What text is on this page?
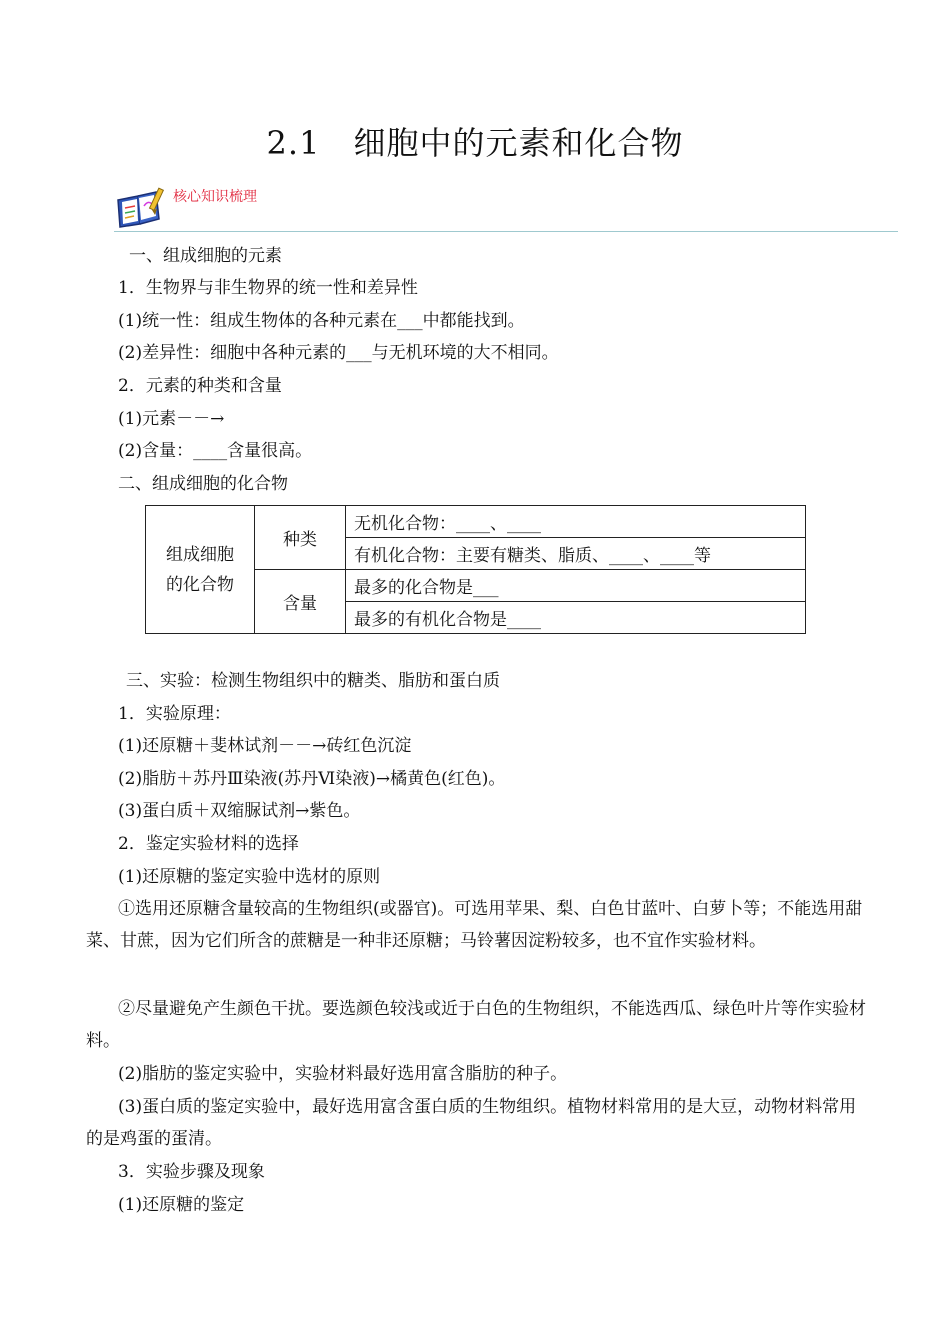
2.1　细胞中的元素和化合物
核心知识梳理
一、组成细胞的元素
1．生物界与非生物界的统一性和差异性
(1)统一性：组成生物体的各种元素在___中都能找到。
(2)差异性：细胞中各种元素的___与无机环境的大不相同。
2．元素的种类和含量
(1)元素－－→
(2)含量：____含量很高。
二、组成细胞的化合物
组成细胞
的化合物	种类	无机化合物：____、____
		有机化合物：主要有糖类、脂质、____、____等
	含量	最多的化合物是___
		最多的有机化合物是____
三、实验：检测生物组织中的糖类、脂肪和蛋白质
1．实验原理：
(1)还原糖＋斐林试剂－－→砖红色沉淀
(2)脂肪＋苏丹Ⅲ染液(苏丹Ⅵ染液)→橘黄色(红色)。
(3)蛋白质＋双缩脲试剂→紫色。
2．鉴定实验材料的选择
(1)还原糖的鉴定实验中选材的原则
①选用还原糖含量较高的生物组织(或器官)。可选用苹果、梨、白色甘蓝叶、白萝卜等；不能选用甜菜、甘蔗，因为它们所含的蔗糖是一种非还原糖；马铃薯因淀粉较多，也不宜作实验材料。
②尽量避免产生颜色干扰。要选颜色较浅或近于白色的生物组织，不能选西瓜、绿色叶片等作实验材料。
(2)脂肪的鉴定实验中，实验材料最好选用富含脂肪的种子。
(3)蛋白质的鉴定实验中，最好选用富含蛋白质的生物组织。植物材料常用的是大豆，动物材料常用的是鸡蛋的蛋清。
3．实验步骤及现象
(1)还原糖的鉴定
